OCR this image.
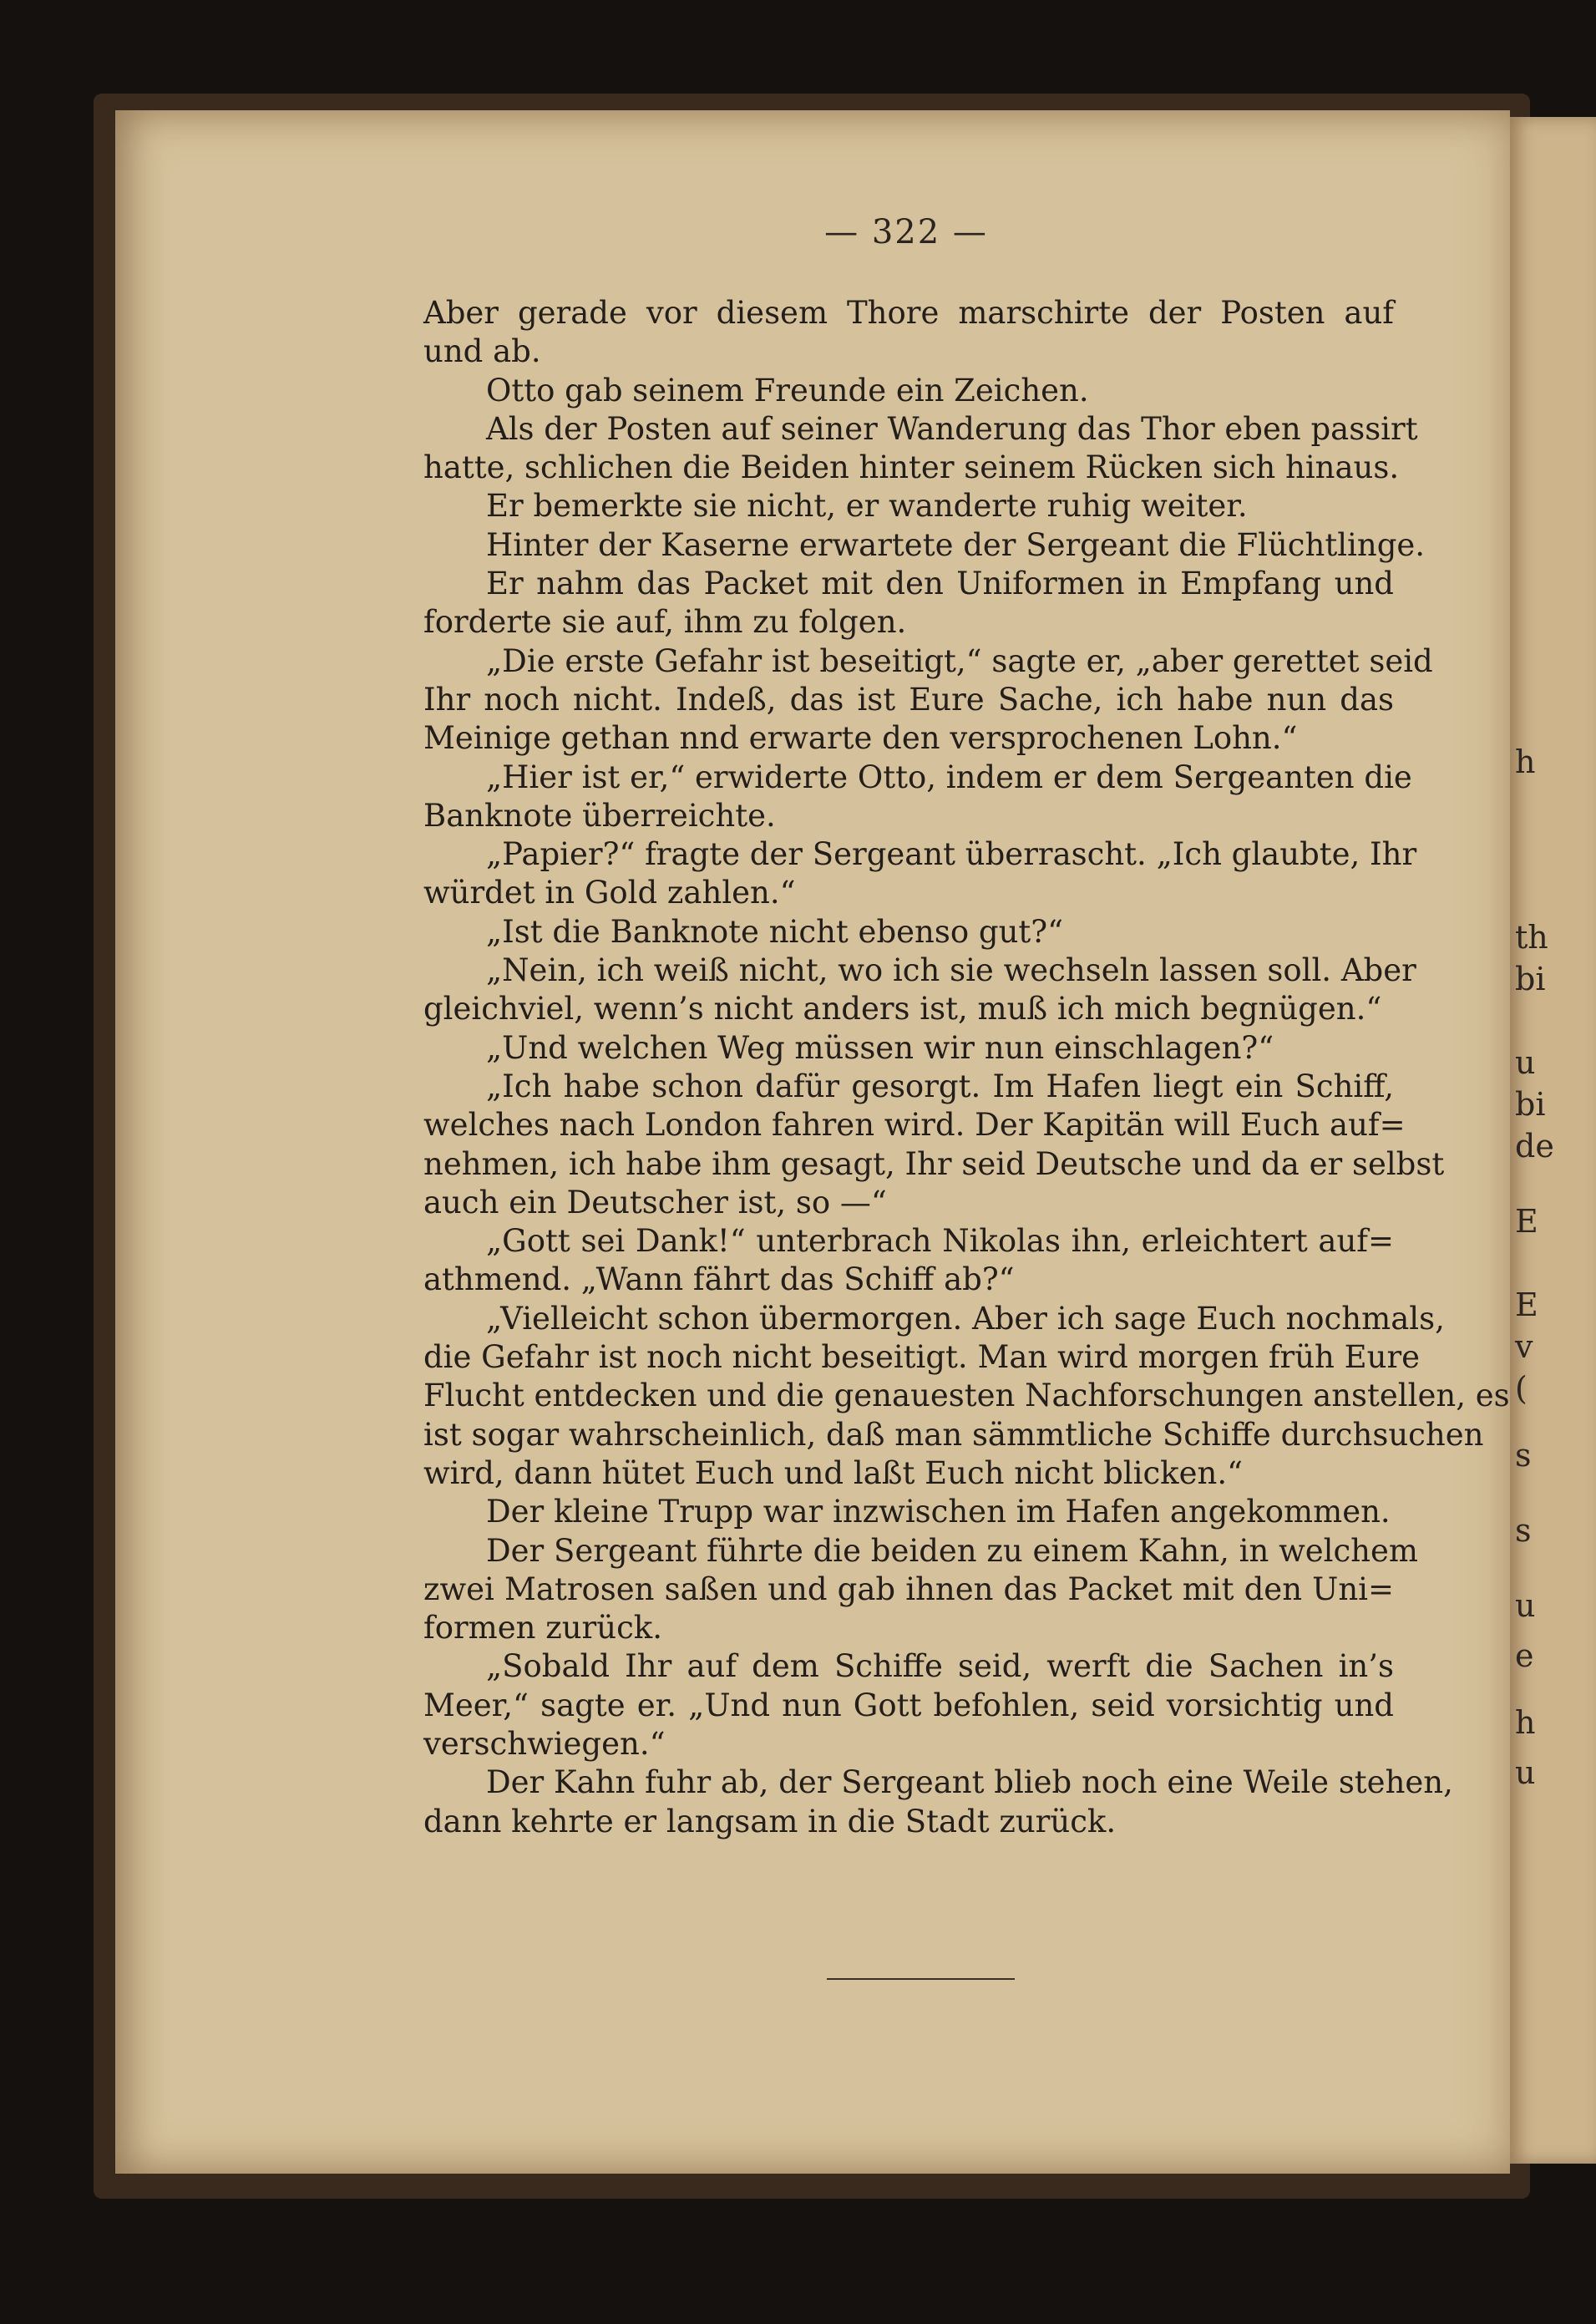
h
th
bi
u
bi
de
E
E
v
(
s
s
u
e
h
u
— 322 —
Aber gerade vor diesem Thore marschirte der Posten auf
und ab.
Otto gab seinem Freunde ein Zeichen.
Als der Posten auf seiner Wanderung das Thor eben passirt
hatte, schlichen die Beiden hinter seinem Rücken sich hinaus.
Er bemerkte sie nicht, er wanderte ruhig weiter.
Hinter der Kaserne erwartete der Sergeant die Flüchtlinge.
Er nahm das Packet mit den Uniformen in Empfang und
forderte sie auf, ihm zu folgen.
„Die erste Gefahr ist beseitigt,“ sagte er, „aber gerettet seid
Ihr noch nicht. Indeß, das ist Eure Sache, ich habe nun das
Meinige gethan nnd erwarte den versprochenen Lohn.“
„Hier ist er,“ erwiderte Otto, indem er dem Sergeanten die
Banknote überreichte.
„Papier?“ fragte der Sergeant überrascht. „Ich glaubte, Ihr
würdet in Gold zahlen.“
„Ist die Banknote nicht ebenso gut?“
„Nein, ich weiß nicht, wo ich sie wechseln lassen soll. Aber
gleichviel, wenn’s nicht anders ist, muß ich mich begnügen.“
„Und welchen Weg müssen wir nun einschlagen?“
„Ich habe schon dafür gesorgt. Im Hafen liegt ein Schiff,
welches nach London fahren wird. Der Kapitän will Euch auf=
nehmen, ich habe ihm gesagt, Ihr seid Deutsche und da er selbst
auch ein Deutscher ist, so —“
„Gott sei Dank!“ unterbrach Nikolas ihn, erleichtert auf=
athmend. „Wann fährt das Schiff ab?“
„Vielleicht schon übermorgen. Aber ich sage Euch nochmals,
die Gefahr ist noch nicht beseitigt. Man wird morgen früh Eure
Flucht entdecken und die genauesten Nachforschungen anstellen, es
ist sogar wahrscheinlich, daß man sämmtliche Schiffe durchsuchen
wird, dann hütet Euch und laßt Euch nicht blicken.“
Der kleine Trupp war inzwischen im Hafen angekommen.
Der Sergeant führte die beiden zu einem Kahn, in welchem
zwei Matrosen saßen und gab ihnen das Packet mit den Uni=
formen zurück.
„Sobald Ihr auf dem Schiffe seid, werft die Sachen in’s
Meer,“ sagte er. „Und nun Gott befohlen, seid vorsichtig und
verschwiegen.“
Der Kahn fuhr ab, der Sergeant blieb noch eine Weile stehen,
dann kehrte er langsam in die Stadt zurück.
